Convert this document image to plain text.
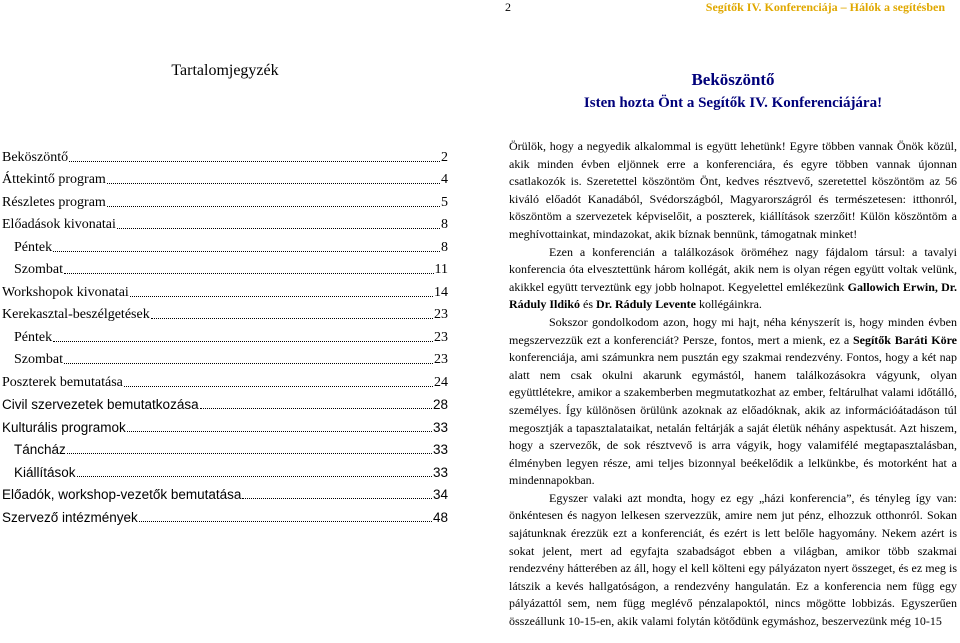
2	Segítők IV. Konferenciája – Hálók a segítésben
Tartalomjegyzék
Beköszöntő	2
Áttekintő program	4
Részletes program	5
Előadások kivonatai	8
Péntek	8
Szombat	11
Workshopok kivonatai	14
Kerekasztal-beszélgetések	23
Péntek	23
Szombat	23
Poszterek bemutatása	24
Civil szervezetek bemutatkozása	28
Kulturális programok	33
Táncház	33
Kiállítások	33
Előadók, workshop-vezetők bemutatása	34
Szervező intézmények	48
Beköszöntő
Isten hozta Önt a Segítők IV. Konferenciájára!

Örülök, hogy a negyedik alkalommal is együtt lehetünk! Egyre többen vannak Önök közül, akik minden évben eljönnek erre a konferenciára, és egyre többen vannak újonnan csatlakozók is. Szeretettel köszöntöm Önt, kedves résztvevő, szeretettel köszöntöm az 56 kiváló előadót Kanadából, Svédországból, Magyarországról és természetesen: itthonról, köszöntöm a szervezetek képviselőit, a poszterek, kiállítások szerzőit! Külön köszöntöm a meghívottainkat, mindazokat, akik bíznak bennünk, támogatnak minket!

Ezen a konferencián a találkozások öröméhez nagy fájdalom társul: a tavalyi konferencia óta elvesztettünk három kollégát, akik nem is olyan régen együtt voltak velünk, akikkel együtt terveztünk egy jobb holnapot. Kegyelettel emlékezünk Gallowich Erwin, Dr. Ráduly Ildikó és Dr. Ráduly Levente kollégáinkra.

Sokszor gondolkodom azon, hogy mi hajt, néha kényszerít is, hogy minden évben megszervezzük ezt a konferenciát? Persze, fontos, mert a mienk, ez a Segítők Baráti Köre konferenciája, ami számunkra nem pusztán egy szakmai rendezvény. Fontos, hogy a két nap alatt nem csak okulni akarunk egymástól, hanem találkozásokra vágyunk, olyan együttlétekre, amikor a szakemberben megmutatkozhat az ember, feltárulhat valami időtálló, személyes. Így különösen örülünk azoknak az előadóknak, akik az információátadáson túl megosztják a tapasztalataikat, netalán feltárják a saját életük néhány aspektusát. Azt hiszem, hogy a szervezők, de sok résztvevő is arra vágyik, hogy valamifélé megtapasztalásban, élményben legyen része, ami teljes bizonnyal beékelődik a lelkünkbe, és motorként hat a mindennapokban.

Egyszer valaki azt mondta, hogy ez egy „házi konferencia”, és tényleg így van: önkéntesen és nagyon lelkesen szervezzük, amire nem jut pénz, elhozzuk otthonról. Sokan sajátunknak érezzük ezt a konferenciát, és ezért is lett belőle hagyomány. Nekem azért is sokat jelent, mert ad egyfajta szabadságot ebben a világban, amikor több szakmai rendezvény hátterében az áll, hogy el kell költeni egy pályázaton nyert összeget, és ez meg is látszik a kevés hallgatóságon, a rendezvény hangulatán. Ez a konferencia nem függ egy pályázattól sem, nem függ meglévő pénzalapoktól, nincs mögötte lobbizás. Egyszerűen összeállunk 10-15-en, akik valami folytán kötődünk egymáshoz, beszervezünk még 10-15
